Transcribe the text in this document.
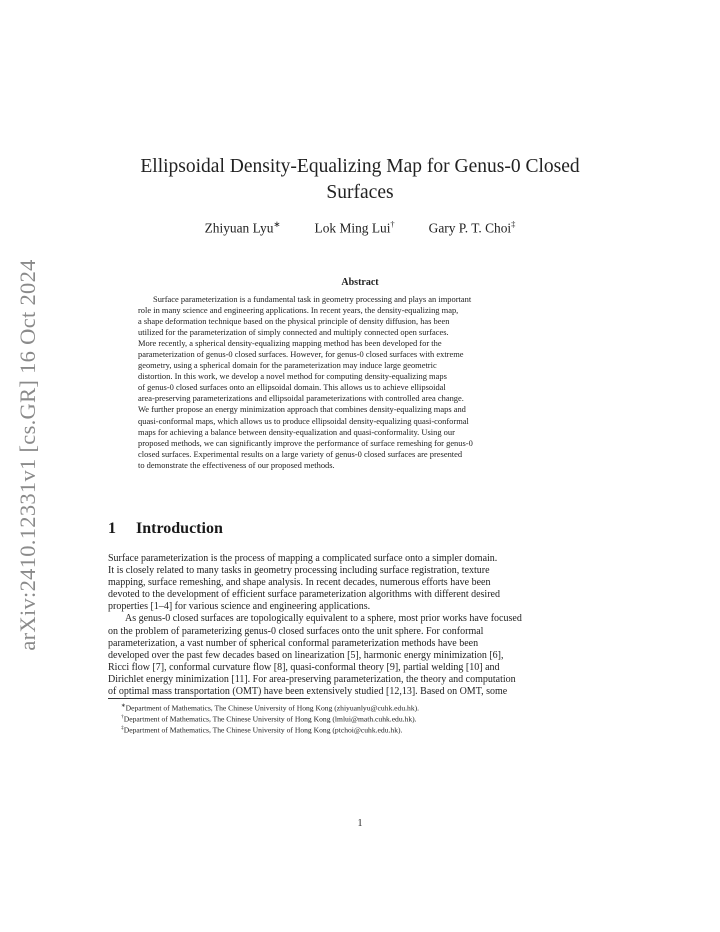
arXiv:2410.12331v1 [cs.GR] 16 Oct 2024
Ellipsoidal Density-Equalizing Map for Genus-0 Closed
Surfaces
Zhiyuan Lyu∗	Lok Ming Lui†	Gary P. T. Choi‡
Abstract
Surface parameterization is a fundamental task in geometry processing and plays an important
role in many science and engineering applications. In recent years, the density-equalizing map,
a shape deformation technique based on the physical principle of density diffusion, has been
utilized for the parameterization of simply connected and multiply connected open surfaces.
More recently, a spherical density-equalizing mapping method has been developed for the
parameterization of genus-0 closed surfaces. However, for genus-0 closed surfaces with extreme
geometry, using a spherical domain for the parameterization may induce large geometric
distortion. In this work, we develop a novel method for computing density-equalizing maps
of genus-0 closed surfaces onto an ellipsoidal domain. This allows us to achieve ellipsoidal
area-preserving parameterizations and ellipsoidal parameterizations with controlled area change.
We further propose an energy minimization approach that combines density-equalizing maps and
quasi-conformal maps, which allows us to produce ellipsoidal density-equalizing quasi-conformal
maps for achieving a balance between density-equalization and quasi-conformality. Using our
proposed methods, we can significantly improve the performance of surface remeshing for genus-0
closed surfaces. Experimental results on a large variety of genus-0 closed surfaces are presented
to demonstrate the effectiveness of our proposed methods.
1 Introduction
Surface parameterization is the process of mapping a complicated surface onto a simpler domain.
It is closely related to many tasks in geometry processing including surface registration, texture
mapping, surface remeshing, and shape analysis. In recent decades, numerous efforts have been
devoted to the development of efficient surface parameterization algorithms with different desired
properties [1–4] for various science and engineering applications.
As genus-0 closed surfaces are topologically equivalent to a sphere, most prior works have focused
on the problem of parameterizing genus-0 closed surfaces onto the unit sphere. For conformal
parameterization, a vast number of spherical conformal parameterization methods have been
developed over the past few decades based on linearization [5], harmonic energy minimization [6],
Ricci flow [7], conformal curvature flow [8], quasi-conformal theory [9], partial welding [10] and
Dirichlet energy minimization [11]. For area-preserving parameterization, the theory and computation
of optimal mass transportation (OMT) have been extensively studied [12,13]. Based on OMT, some
∗Department of Mathematics, The Chinese University of Hong Kong (zhiyuanlyu@cuhk.edu.hk).
†Department of Mathematics, The Chinese University of Hong Kong (lmlui@math.cuhk.edu.hk).
‡Department of Mathematics, The Chinese University of Hong Kong (ptchoi@cuhk.edu.hk).
1
